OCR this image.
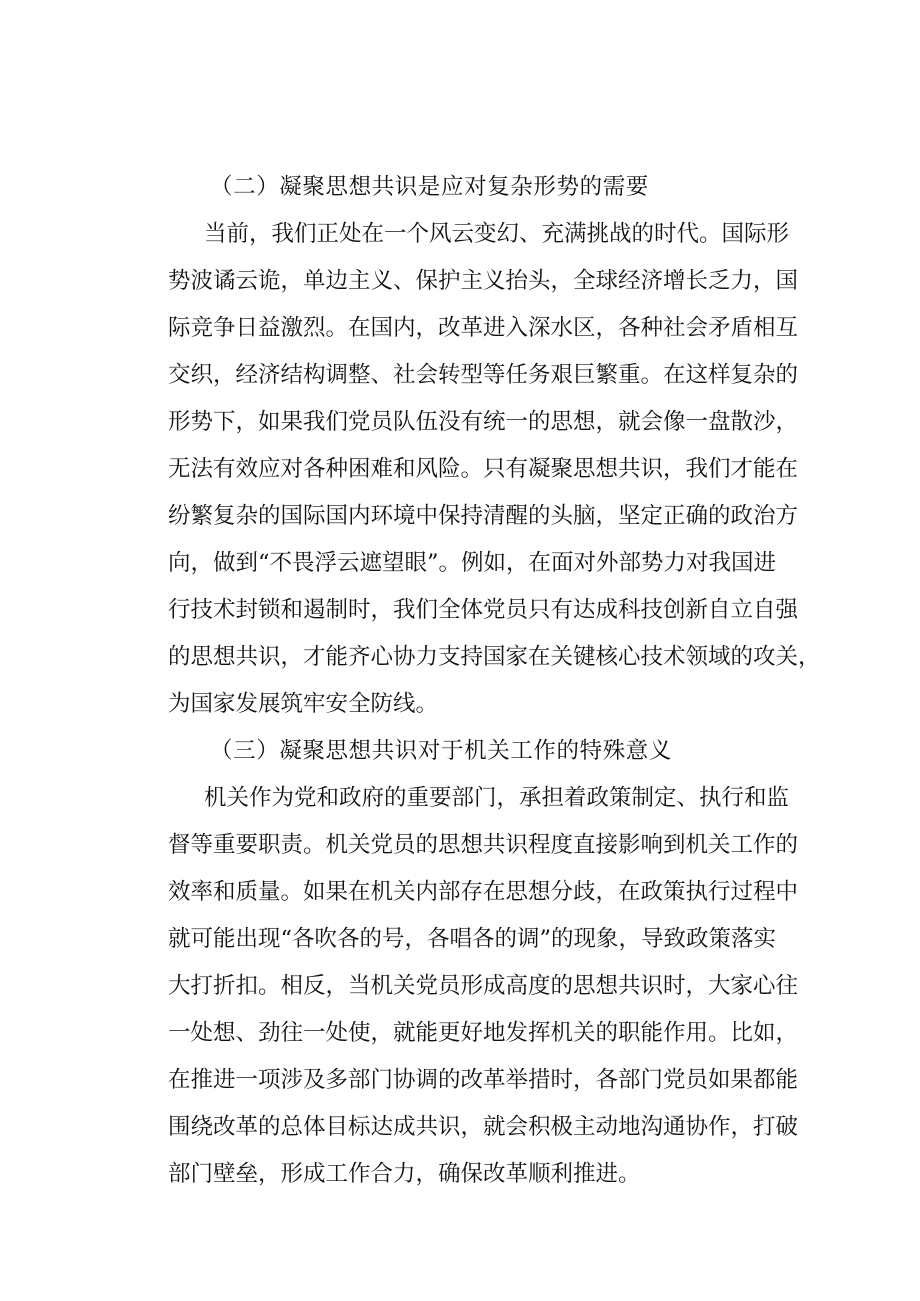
（二）凝聚思想共识是应对复杂形势的需要
当前，我们正处在一个风云变幻、充满挑战的时代。国际形
势波谲云诡，单边主义、保护主义抬头，全球经济增长乏力，国
际竞争日益激烈。在国内，改革进入深水区，各种社会矛盾相互
交织，经济结构调整、社会转型等任务艰巨繁重。在这样复杂的
形势下，如果我们党员队伍没有统一的思想，就会像一盘散沙，
无法有效应对各种困难和风险。只有凝聚思想共识，我们才能在
纷繁复杂的国际国内环境中保持清醒的头脑，坚定正确的政治方
向，做到“不畏浮云遮望眼”。例如，在面对外部势力对我国进
行技术封锁和遏制时，我们全体党员只有达成科技创新自立自强
的思想共识，才能齐心协力支持国家在关键核心技术领域的攻关，
为国家发展筑牢安全防线。
（三）凝聚思想共识对于机关工作的特殊意义
机关作为党和政府的重要部门，承担着政策制定、执行和监
督等重要职责。机关党员的思想共识程度直接影响到机关工作的
效率和质量。如果在机关内部存在思想分歧，在政策执行过程中
就可能出现“各吹各的号，各唱各的调”的现象，导致政策落实
大打折扣。相反，当机关党员形成高度的思想共识时，大家心往
一处想、劲往一处使，就能更好地发挥机关的职能作用。比如，
在推进一项涉及多部门协调的改革举措时，各部门党员如果都能
围绕改革的总体目标达成共识，就会积极主动地沟通协作，打破
部门壁垒，形成工作合力，确保改革顺利推进。
